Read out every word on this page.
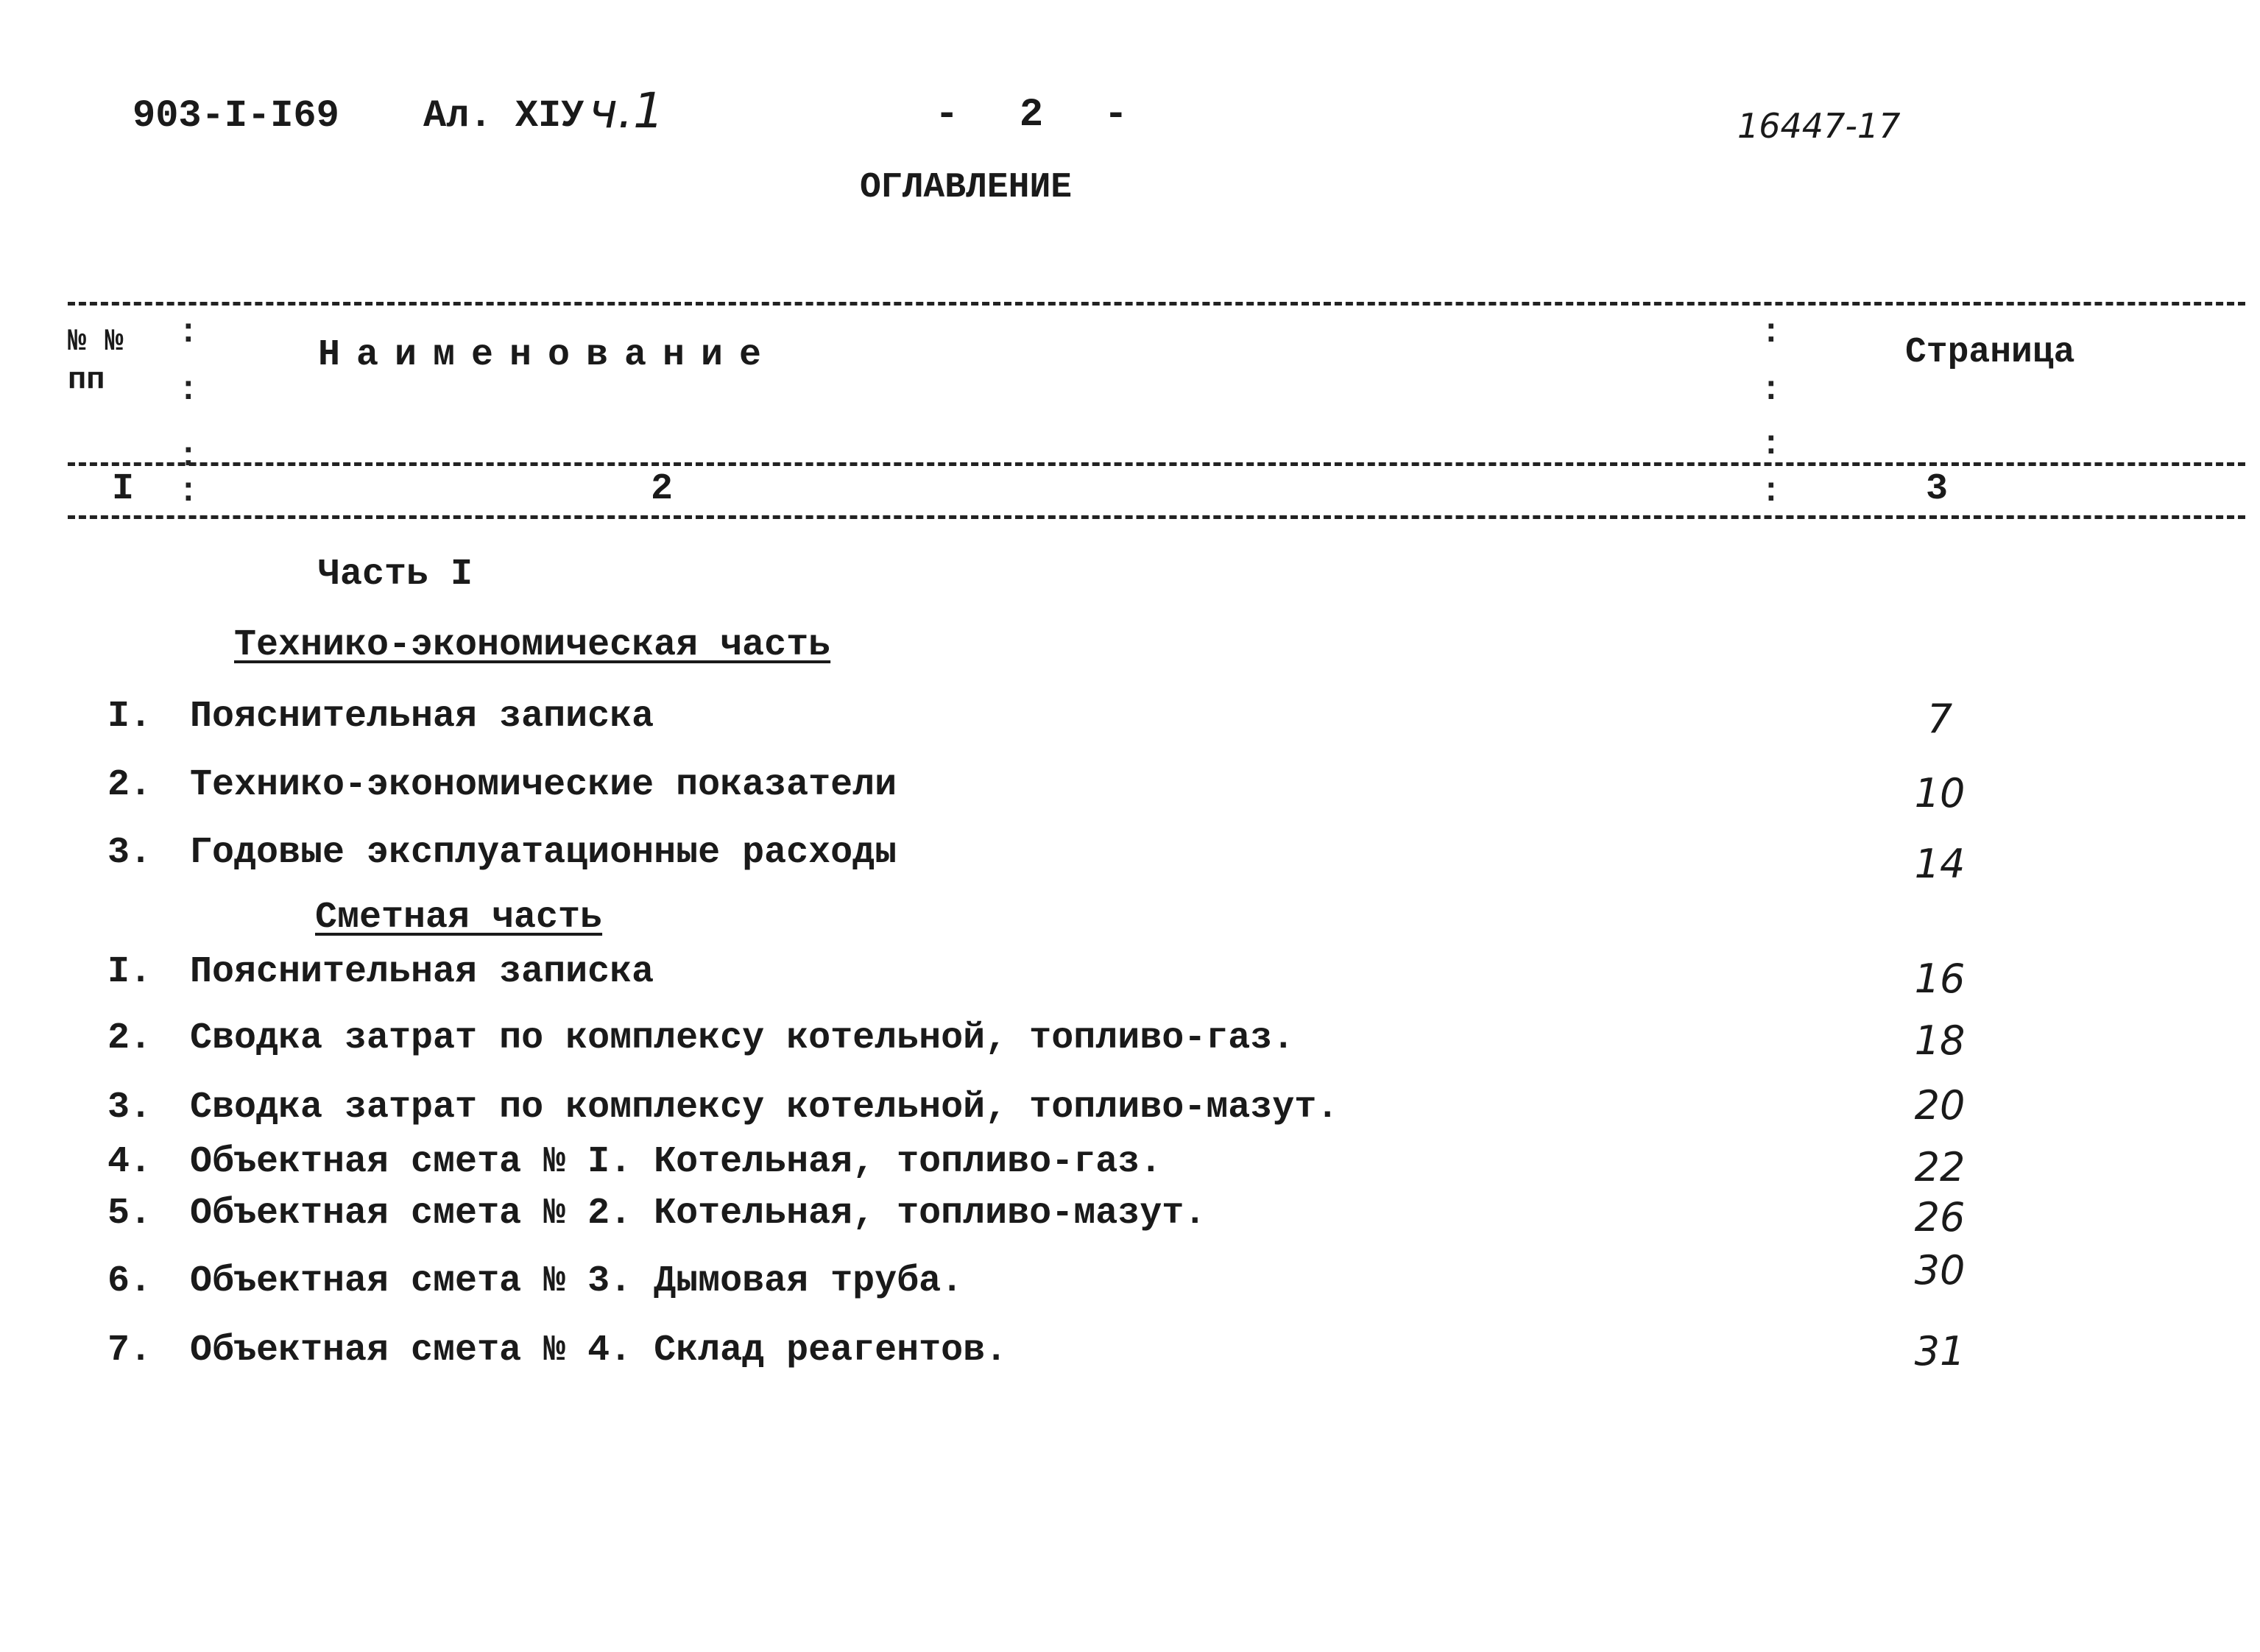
903-I-I69 Ал. XIУ ч.1	- 2 -	16447-17
ОГЛАВЛЕНИЕ
№ №
пп
Наименование	Страница
:
:
:
:
:
:
:
:
I	2	3
Часть I
Технико-экономическая часть
I. Пояснительная записка	7
2. Технико-экономические показатели	10
3. Годовые эксплуатационные расходы	14
Сметная часть
I. Пояснительная записка	16
2. Сводка затрат по комплексу котельной, топливо-газ.	18
3. Сводка затрат по комплексу котельной, топливо-мазут.	20
4. Объектная смета № I. Котельная, топливо-газ.	22
5. Объектная смета № 2. Котельная, топливо-мазут.	26
6. Объектная смета № 3. Дымовая труба.	30
7. Объектная смета № 4. Склад реагентов.	31
